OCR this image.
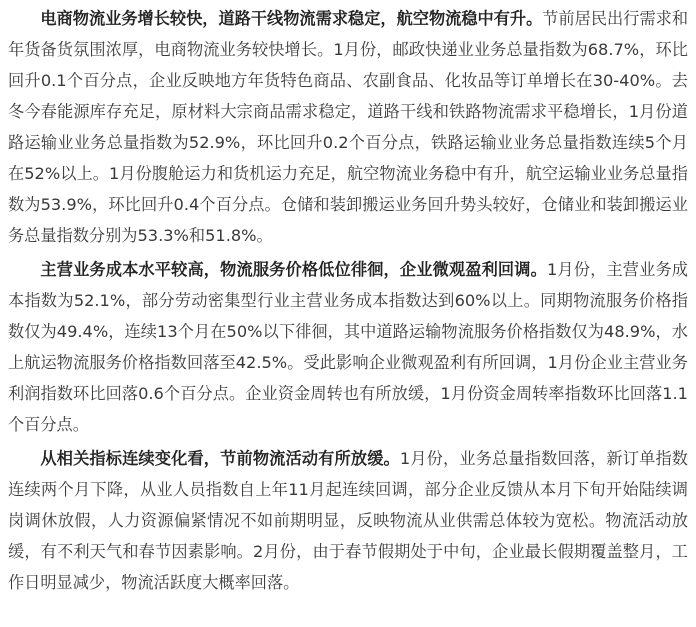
电商物流业务增长较快，道路干线物流需求稳定，航空物流稳中有升。节前居民出行需求和年货备货氛围浓厚，电商物流业务较快增长。1月份，邮政快递业业务总量指数为68.7%，环比回升0.1个百分点，企业反映地方年货特色商品、农副食品、化妆品等订单增长在30-40%。去冬今春能源库存充足，原材料大宗商品需求稳定，道路干线和铁路物流需求平稳增长，1月份道路运输业业务总量指数为52.9%，环比回升0.2个百分点，铁路运输业业务总量指数连续5个月在52%以上。1月份腹舱运力和货机运力充足，航空物流业务稳中有升，航空运输业业务总量指数为53.9%，环比回升0.4个百分点。仓储和装卸搬运业务回升势头较好，仓储业和装卸搬运业务总量指数分别为53.3%和51.8%。

主营业务成本水平较高，物流服务价格低位徘徊，企业微观盈利回调。1月份，主营业务成本指数为52.1%，部分劳动密集型行业主营业务成本指数达到60%以上。同期物流服务价格指数仅为49.4%，连续13个月在50%以下徘徊，其中道路运输物流服务价格指数仅为48.9%，水上航运物流服务价格指数回落至42.5%。受此影响企业微观盈利有所回调，1月份企业主营业务利润指数环比回落0.6个百分点。企业资金周转也有所放缓，1月份资金周转率指数环比回落1.1个百分点。

从相关指标连续变化看，节前物流活动有所放缓。1月份，业务总量指数回落，新订单指数连续两个月下降，从业人员指数自上年11月起连续回调，部分企业反馈从本月下旬开始陆续调岗调休放假，人力资源偏紧情况不如前期明显，反映物流从业供需总体较为宽松。物流活动放缓，有不利天气和春节因素影响。2月份，由于春节假期处于中旬，企业最长假期覆盖整月，工作日明显减少，物流活跃度大概率回落。
